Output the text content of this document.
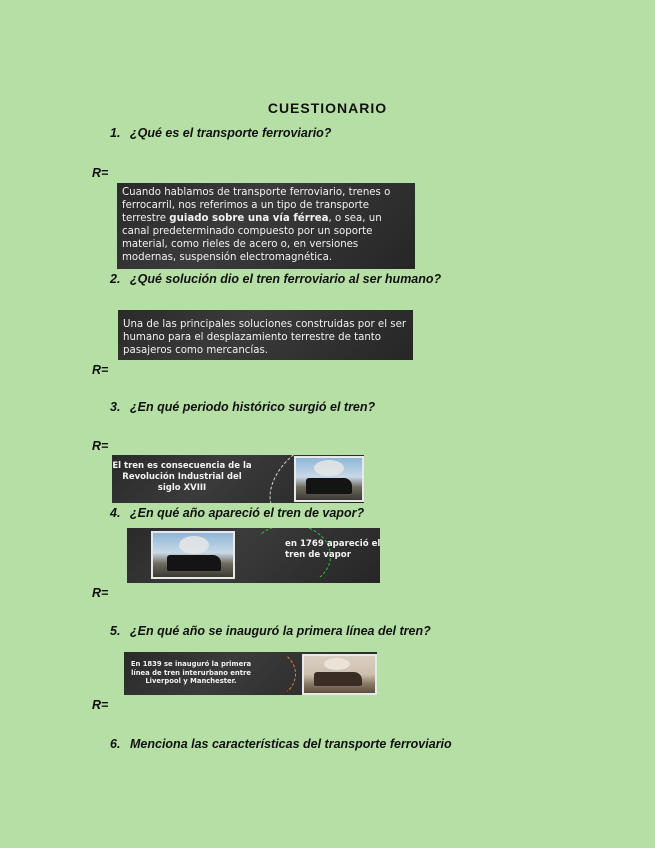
CUESTIONARIO
1. ¿Qué es el transporte ferroviario?
R=
Cuando hablamos de transporte ferroviario, trenes o ferrocarril, nos referimos a un tipo de transporte terrestre guiado sobre una vía férrea, o sea, un canal predeterminado compuesto por un soporte material, como rieles de acero o, en versiones modernas, suspensión electromagnética.
2. ¿Qué solución dio el tren ferroviario al ser humano?
Una de las principales soluciones construidas por el ser humano para el desplazamiento terrestre de tanto pasajeros como mercancías.
R=
3. ¿En qué periodo histórico surgió el tren?
R=
El tren es consecuencia de la Revolución Industrial del siglo XVIII
4. ¿En qué año apareció el tren de vapor?
en 1769 apareció el tren de vapor
R=
5. ¿En qué año se inauguró la primera línea del tren?
En 1839 se inauguró la primera línea de tren interurbano entre Liverpool y Manchester.
R=
6. Menciona las características del transporte ferroviario
